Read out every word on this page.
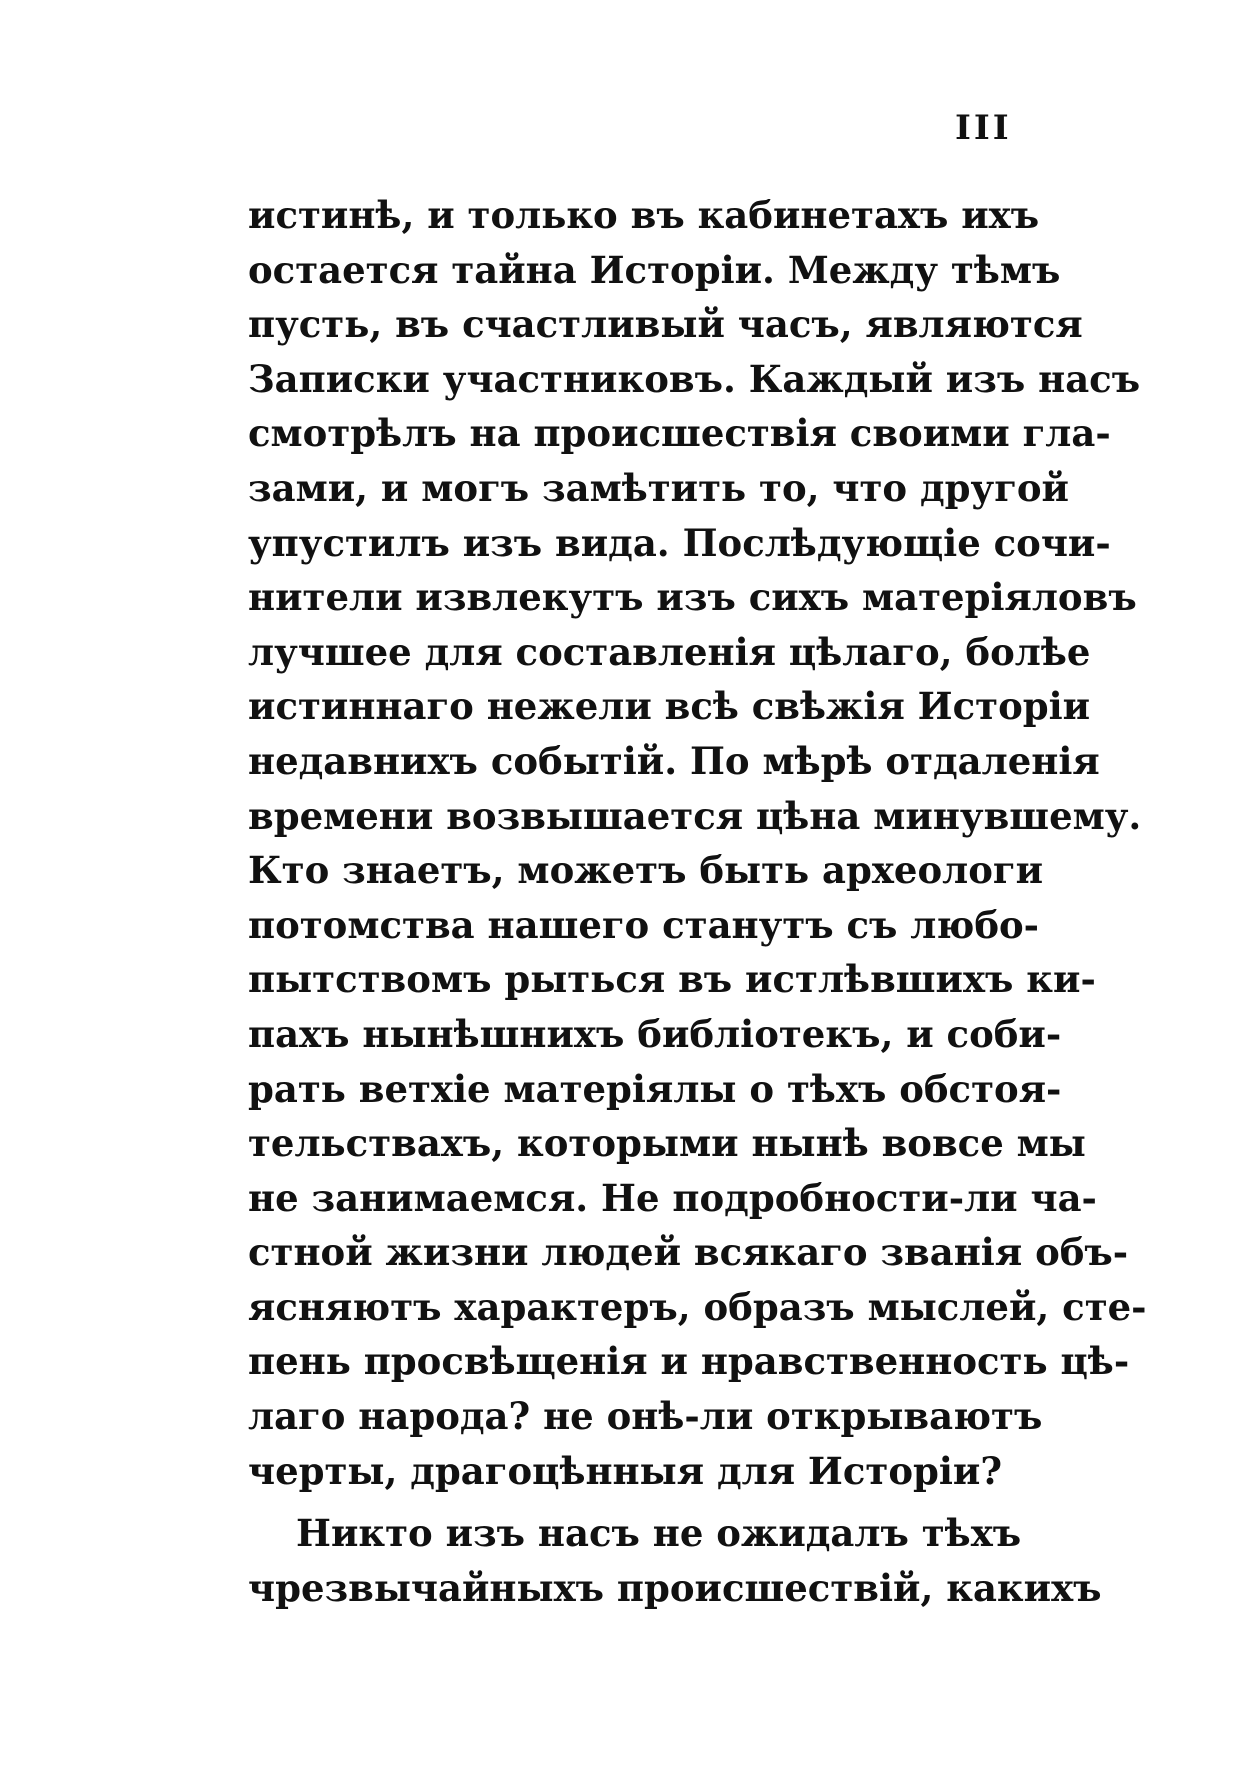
III
истинѣ, и только въ кабинетахъ ихъ
остается тайна Исторіи. Между тѣмъ
пусть, въ счастливый часъ, являются
Записки участниковъ. Каждый изъ насъ
смотрѣлъ на происшествія своими гла-
зами, и могъ замѣтить то, что другой
упустилъ изъ вида. Послѣдующіе сочи-
нители извлекутъ изъ сихъ матеріяловъ
лучшее для составленія цѣлаго, болѣе
истиннаго нежели всѣ свѣжія Исторіи
недавнихъ событій. По мѣрѣ отдаленія
времени возвышается цѣна минувшему.
Кто знаетъ, можетъ быть археологи
потомства нашего станутъ съ любо-
пытствомъ рыться въ истлѣвшихъ ки-
пахъ нынѣшнихъ библіотекъ, и соби-
рать ветхіе матеріялы о тѣхъ обстоя-
тельствахъ, которыми нынѣ вовсе мы
не занимаемся. Не подробности-ли ча-
стной жизни людей всякаго званія объ-
ясняютъ характеръ, образъ мыслей, сте-
пень просвѣщенія и нравственность цѣ-
лаго народа? не онѣ-ли открываютъ
черты, драгоцѣнныя для Исторіи?
Никто изъ насъ не ожидалъ тѣхъ
чрезвычайныхъ происшествій, какихъ
